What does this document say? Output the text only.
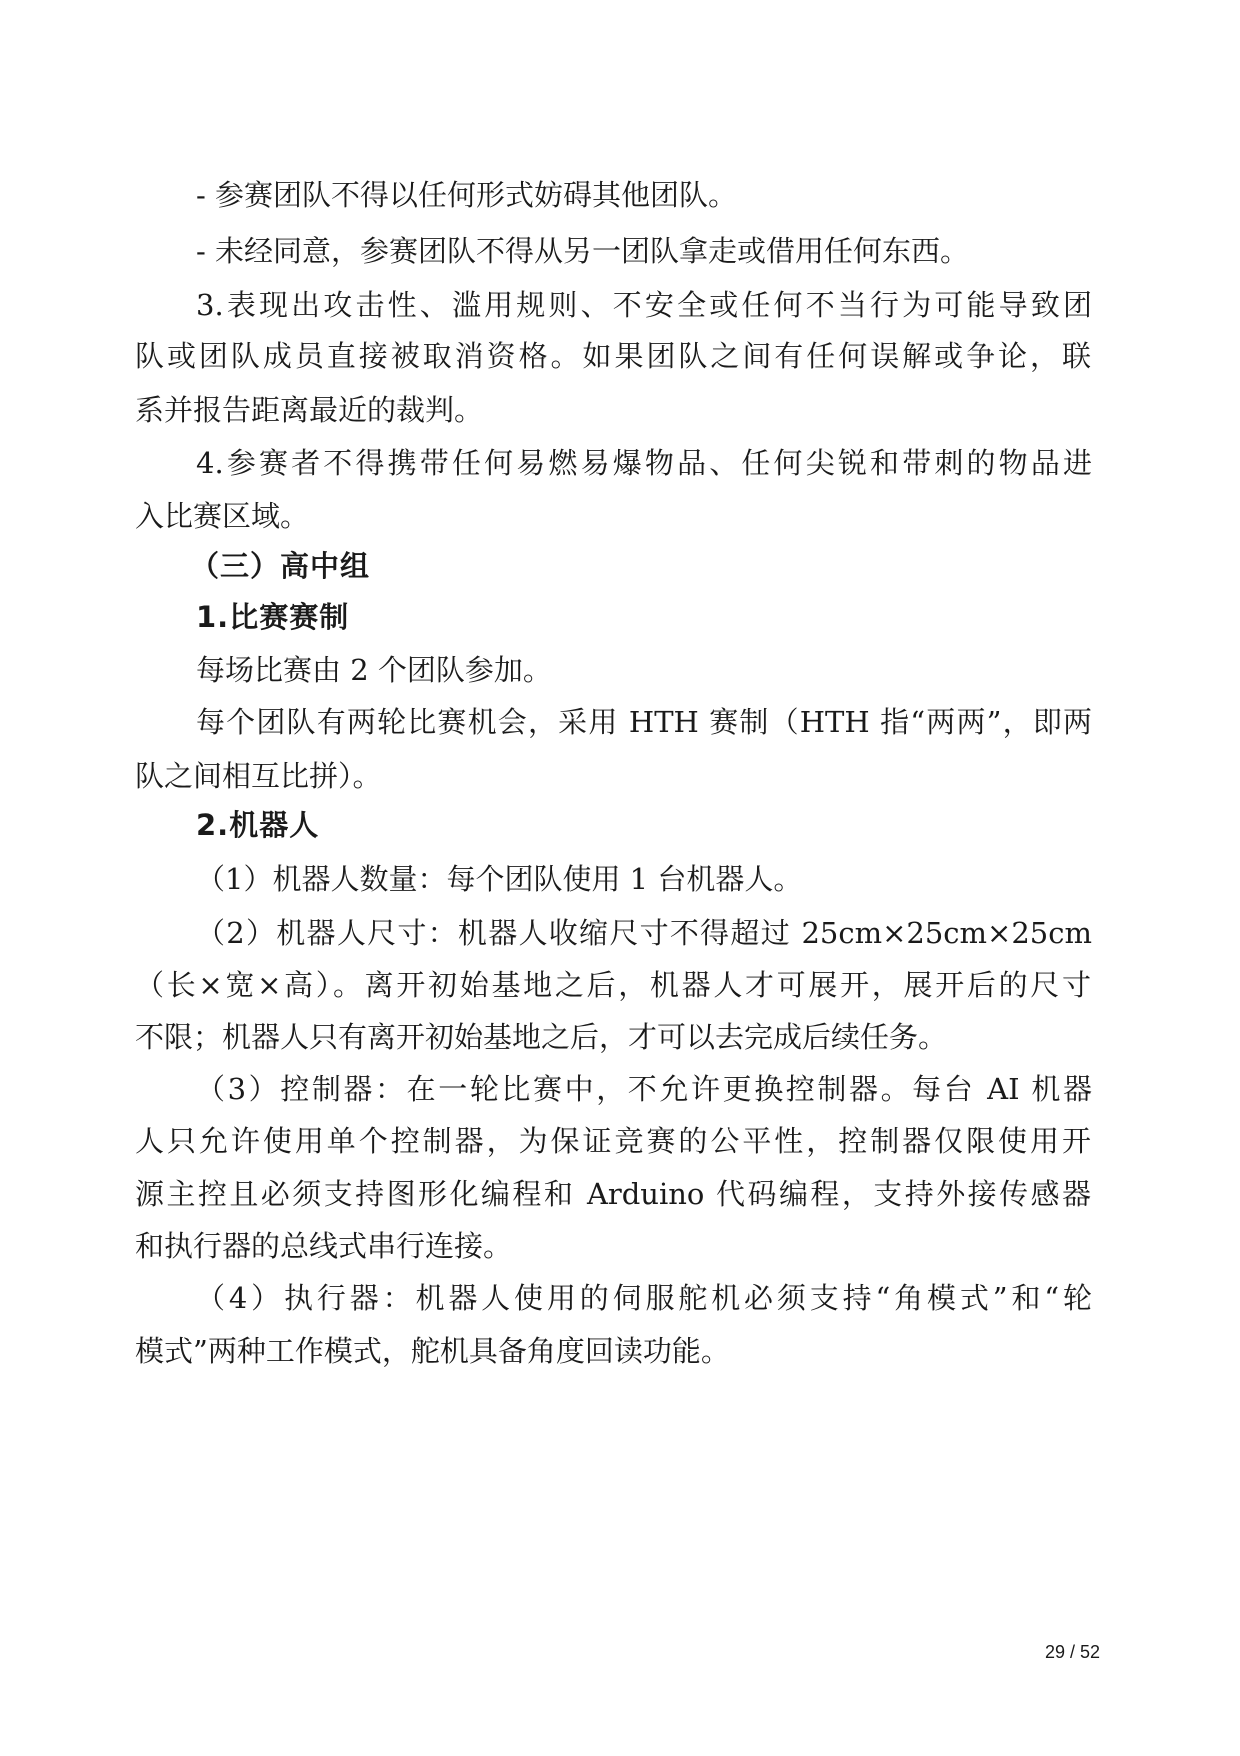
- 参赛团队不得以任何形式妨碍其他团队。
- 未经同意，参赛团队不得从另一团队拿走或借用任何东西。
3.表现出攻击性、滥用规则、不安全或任何不当行为可能导致团
队或团队成员直接被取消资格。如果团队之间有任何误解或争论，联
系并报告距离最近的裁判。
4.参赛者不得携带任何易燃易爆物品、任何尖锐和带刺的物品进
入比赛区域。
（三）高中组
1.比赛赛制
每场比赛由 2 个团队参加。
每个团队有两轮比赛机会，采用 HTH 赛制（HTH 指“两两”，即两
队之间相互比拼）。
2.机器人
（1）机器人数量：每个团队使用 1 台机器人。
（2）机器人尺寸：机器人收缩尺寸不得超过 25cm×25cm×25cm
（长×宽×高）。离开初始基地之后，机器人才可展开，展开后的尺寸
不限；机器人只有离开初始基地之后，才可以去完成后续任务。
（3）控制器：在一轮比赛中，不允许更换控制器。每台 AI 机器
人只允许使用单个控制器，为保证竞赛的公平性，控制器仅限使用开
源主控且必须支持图形化编程和 Arduino 代码编程，支持外接传感器
和执行器的总线式串行连接。
（4）执行器：机器人使用的伺服舵机必须支持“角模式”和“轮
模式”两种工作模式，舵机具备角度回读功能。
29 / 52
